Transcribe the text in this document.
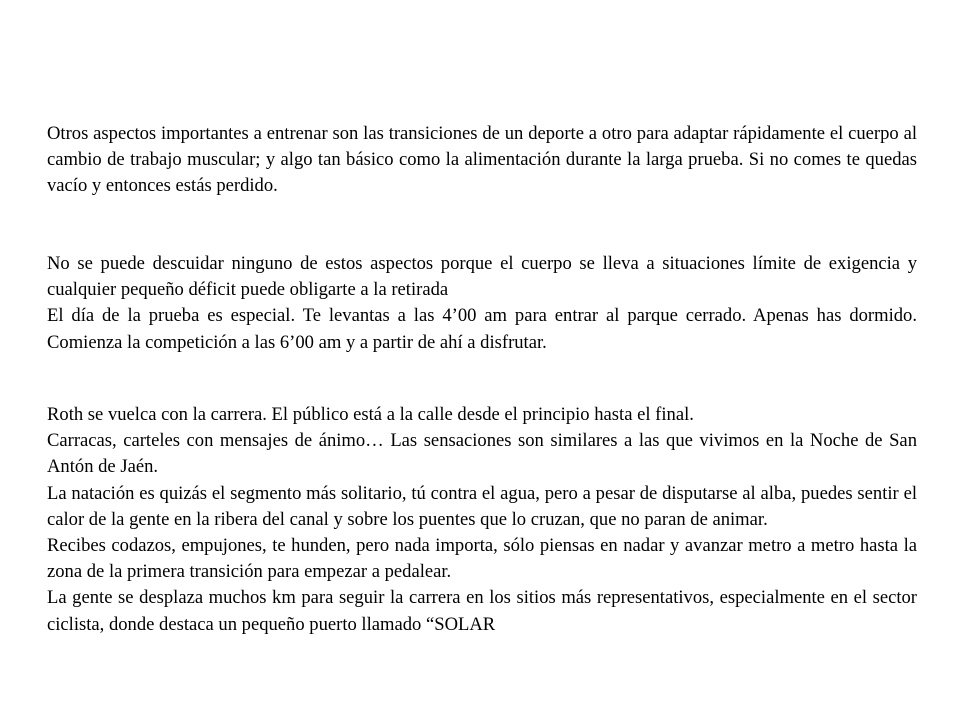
Otros aspectos importantes a entrenar son las transiciones de un deporte a otro para adaptar rápidamente el cuerpo al cambio de trabajo muscular; y algo tan básico como la alimentación durante la larga prueba. Si no comes te quedas vacío y entonces estás perdido.

No se puede descuidar ninguno de estos aspectos porque el cuerpo se lleva a situaciones límite de exigencia y cualquier pequeño déficit puede obligarte a la retirada

El día de la prueba es especial. Te levantas a las 4’00 am para entrar al parque cerrado. Apenas has dormido. Comienza la competición a las 6’00 am y a partir de ahí a disfrutar.

Roth se vuelca con la carrera. El público está a la calle desde el principio hasta el final.

Carracas, carteles con mensajes de ánimo… Las sensaciones son similares a las que vivimos en la Noche de San Antón de Jaén.

La natación es quizás el segmento más solitario, tú contra el agua, pero a pesar de disputarse al alba, puedes sentir el calor de la gente en la ribera del canal y sobre los puentes que lo cruzan, que no paran de animar.

Recibes codazos, empujones, te hunden, pero nada importa, sólo piensas en nadar y avanzar metro a metro hasta la zona de la primera transición para empezar a pedalear.

La gente se desplaza muchos km para seguir la carrera en los sitios más representativos, especialmente en el sector ciclista, donde destaca un pequeño puerto llamado “SOLAR
